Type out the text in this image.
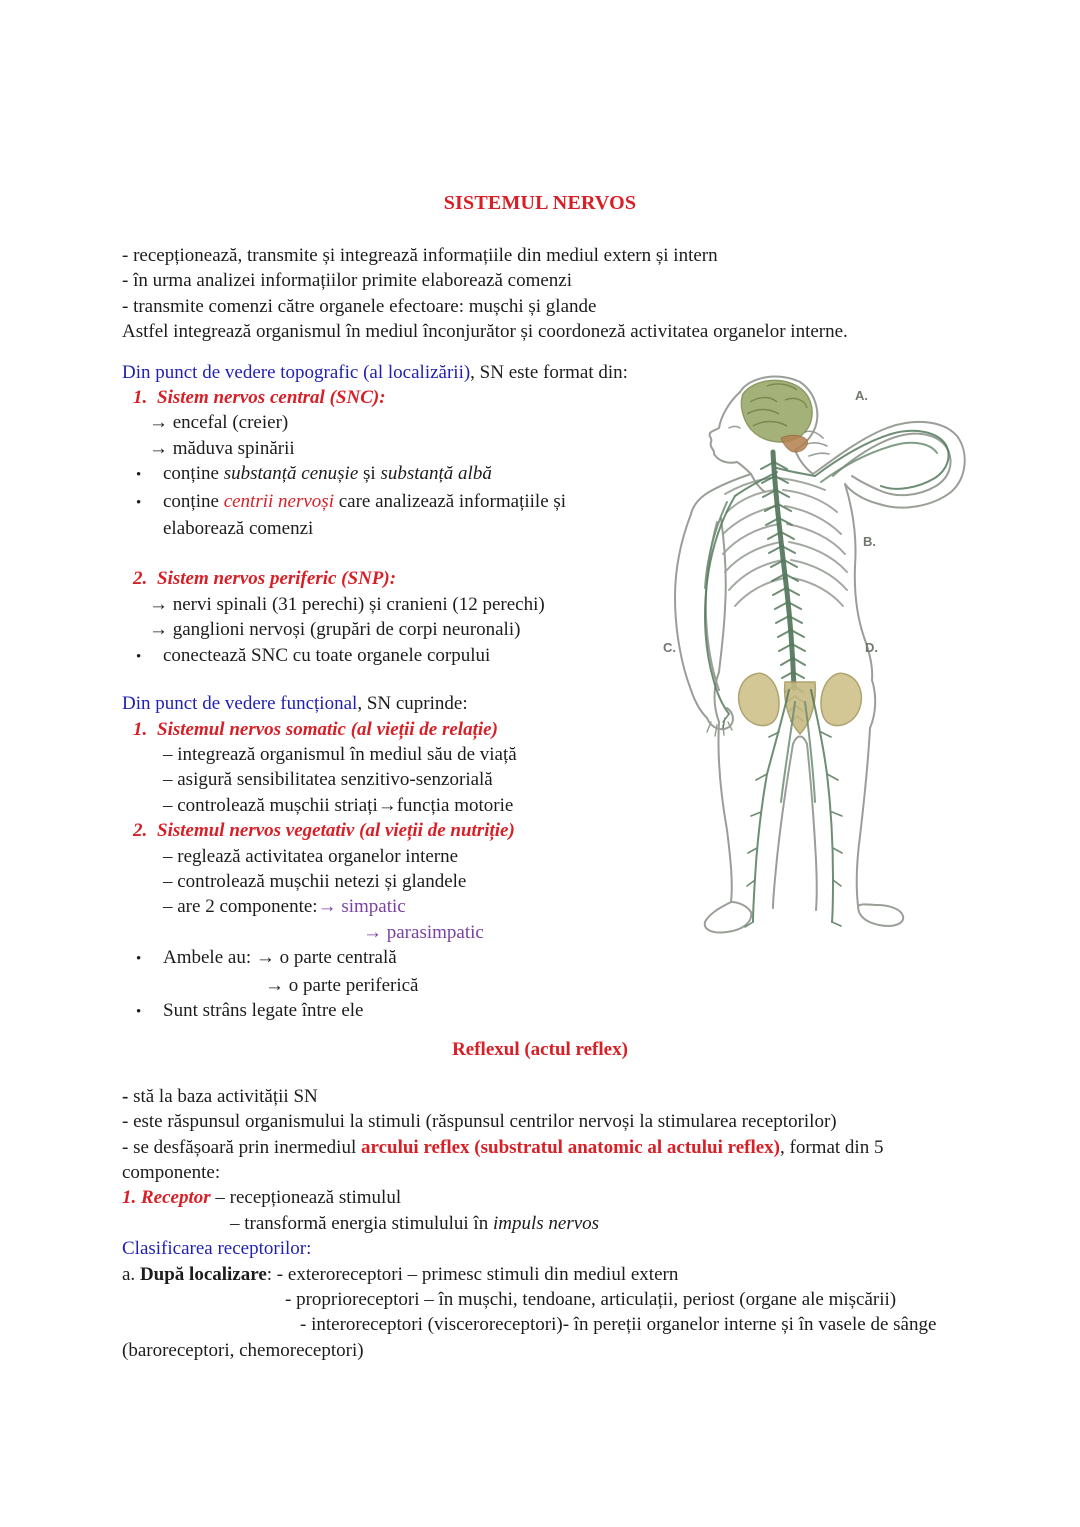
SISTEMUL NERVOS
- recepționează, transmite și integrează informațiile din mediul extern și intern
- în urma analizei informațiilor primite elaborează comenzi
- transmite comenzi către organele efectoare: mușchi și glande
Astfel integrează organismul în mediul înconjurător și coordoneză activitatea organelor interne.
Din punct de vedere topografic (al localizării), SN este format din:
1. Sistem nervos central (SNC):
→ encefal (creier)
→ măduva spinării
• conține substanță cenușie și substanță albă
• conține centrii nervoși care analizează informațiile și
elaborează comenzi
2. Sistem nervos periferic (SNP):
→ nervi spinali (31 perechi) și cranieni (12 perechi)
→ ganglioni nervoși (grupări de corpi neuronali)
• conectează SNC cu toate organele corpului
Din punct de vedere funcțional, SN cuprinde:
1. Sistemul nervos somatic (al vieții de relație)
– integrează organismul în mediul său de viață
– asigură sensibilitatea senzitivo-senzorială
– controlează mușchii striați→funcția motorie
2. Sistemul nervos vegetativ (al vieții de nutriție)
– reglează activitatea organelor interne
– controlează mușchii netezi și glandele
– are 2 componente:→ simpatic
→ parasimpatic
• Ambele au: → o parte centrală
→ o parte periferică
• Sunt strâns legate între ele
Reflexul (actul reflex)
- stă la baza activității SN
- este răspunsul organismului la stimuli (răspunsul centrilor nervoși la stimularea receptorilor)
- se desfășoară prin inermediul arcului reflex (substratul anatomic al actului reflex), format din 5
componente:
1. Receptor – recepționează stimulul
– transformă energia stimulului în impuls nervos
Clasificarea receptorilor:
a. După localizare: - exteroreceptori – primesc stimuli din mediul extern
- proprioreceptori – în mușchi, tendoane, articulații, periost (organe ale mișcării)
- interoreceptori (visceroreceptori)- în pereții organelor interne și în vasele de sânge
(baroreceptori, chemoreceptori)
A.
B.
C.	D.
